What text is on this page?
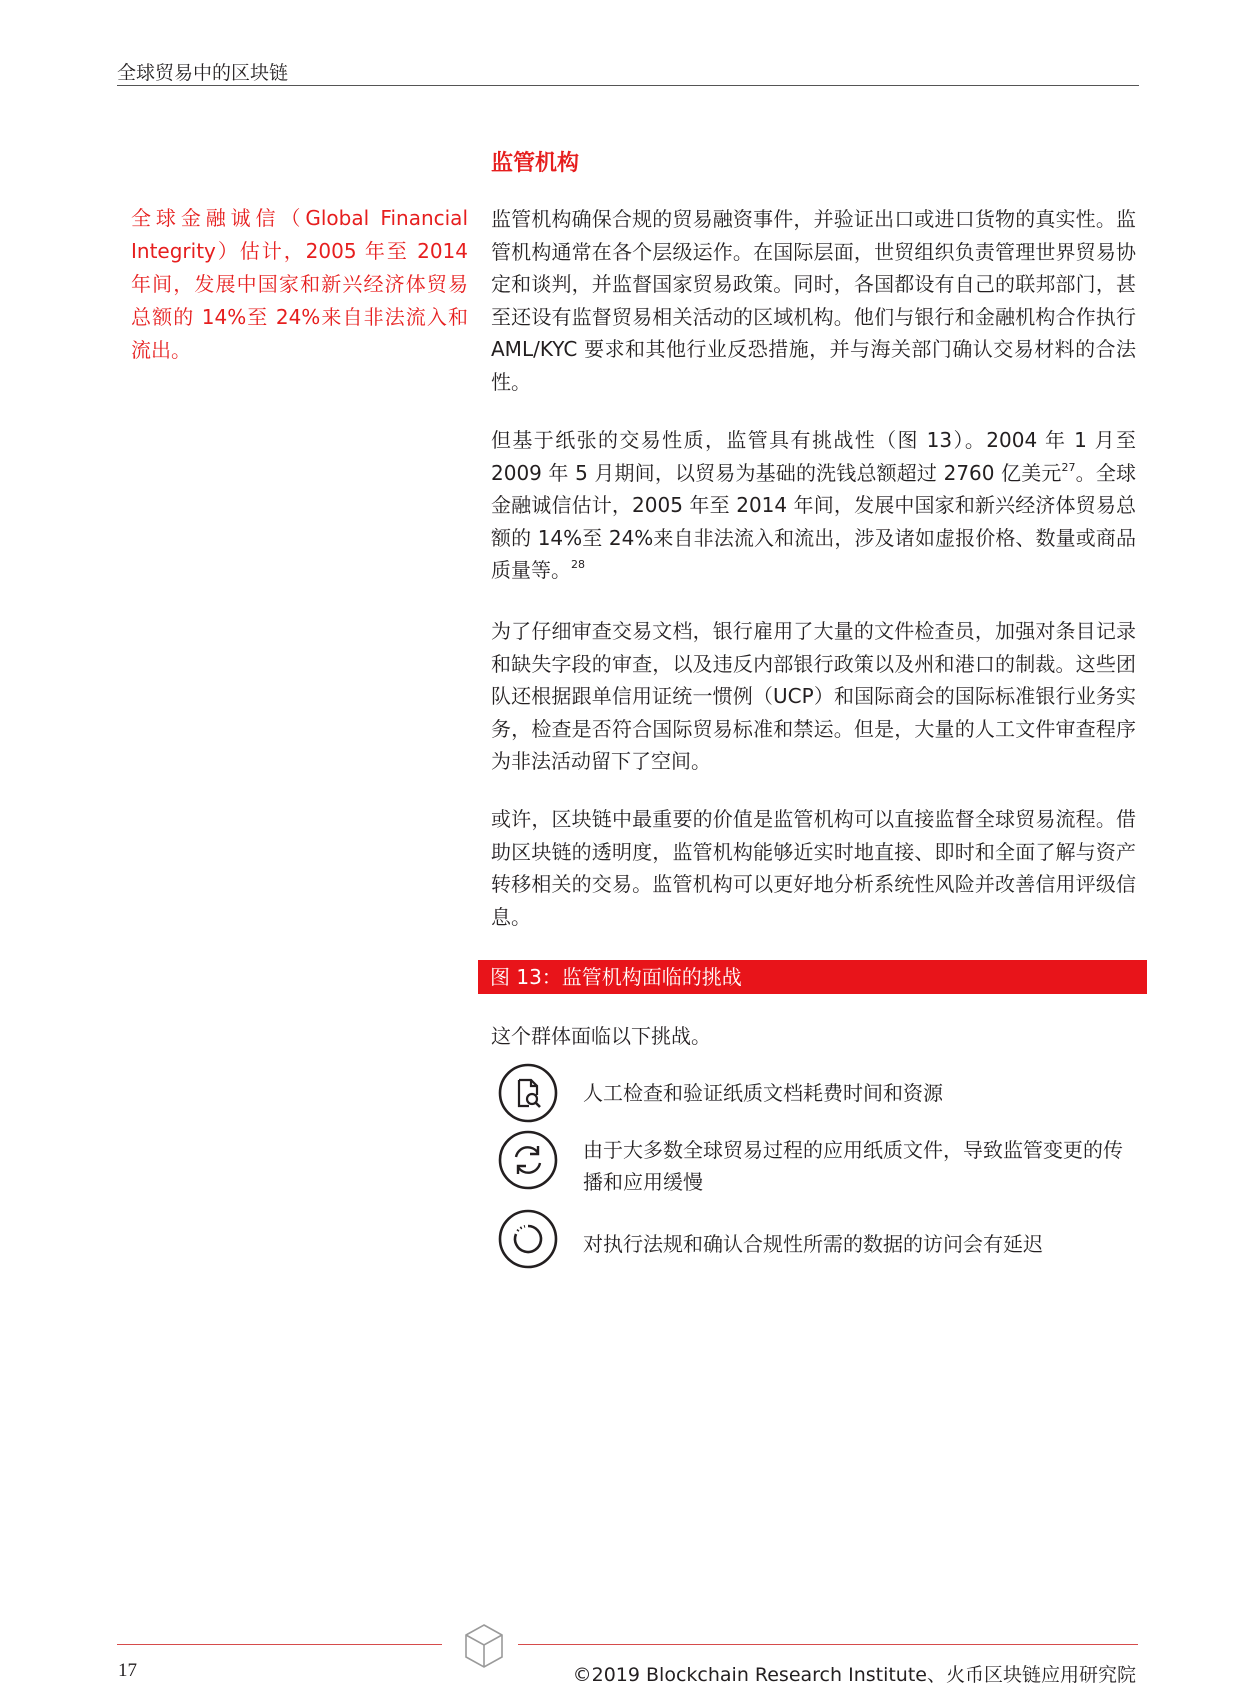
全球贸易中的区块链
监管机构
全球金融诚信（Global Financial Integrity）估计，2005 年至 2014 年间，发展中国家和新兴经济体贸易总额的 14%至 24%来自非法流入和流出。

监管机构确保合规的贸易融资事件，并验证出口或进口货物的真实性。监管机构通常在各个层级运作。在国际层面，世贸组织负责管理世界贸易协定和谈判，并监督国家贸易政策。同时，各国都设有自己的联邦部门，甚至还设有监督贸易相关活动的区域机构。他们与银行和金融机构合作执行 AML/KYC 要求和其他行业反恐措施，并与海关部门确认交易材料的合法性。

但基于纸张的交易性质，监管具有挑战性（图 13）。2004 年 1 月至 2009 年 5 月期间，以贸易为基础的洗钱总额超过 2760 亿美元$^{27}$。全球金融诚信估计，2005 年至 2014 年间，发展中国家和新兴经济体贸易总额的 14%至 24%来自非法流入和流出，涉及诸如虚报价格、数量或商品质量等。$^{28}$

为了仔细审查交易文档，银行雇用了大量的文件检查员，加强对条目记录和缺失字段的审查，以及违反内部银行政策以及州和港口的制裁。这些团队还根据跟单信用证统一惯例（UCP）和国际商会的国际标准银行业务实务，检查是否符合国际贸易标准和禁运。但是，大量的人工文件审查程序为非法活动留下了空间。

或许，区块链中最重要的价值是监管机构可以直接监督全球贸易流程。借助区块链的透明度，监管机构能够近实时地直接、即时和全面了解与资产转移相关的交易。监管机构可以更好地分析系统性风险并改善信用评级信息。

图 13：监管机构面临的挑战
这个群体面临以下挑战。
人工检查和验证纸质文档耗费时间和资源
由于大多数全球贸易过程的应用纸质文件，导致监管变更的传播和应用缓慢
对执行法规和确认合规性所需的数据的访问会有延迟
17	©2019 Blockchain Research Institute、火币区块链应用研究院
